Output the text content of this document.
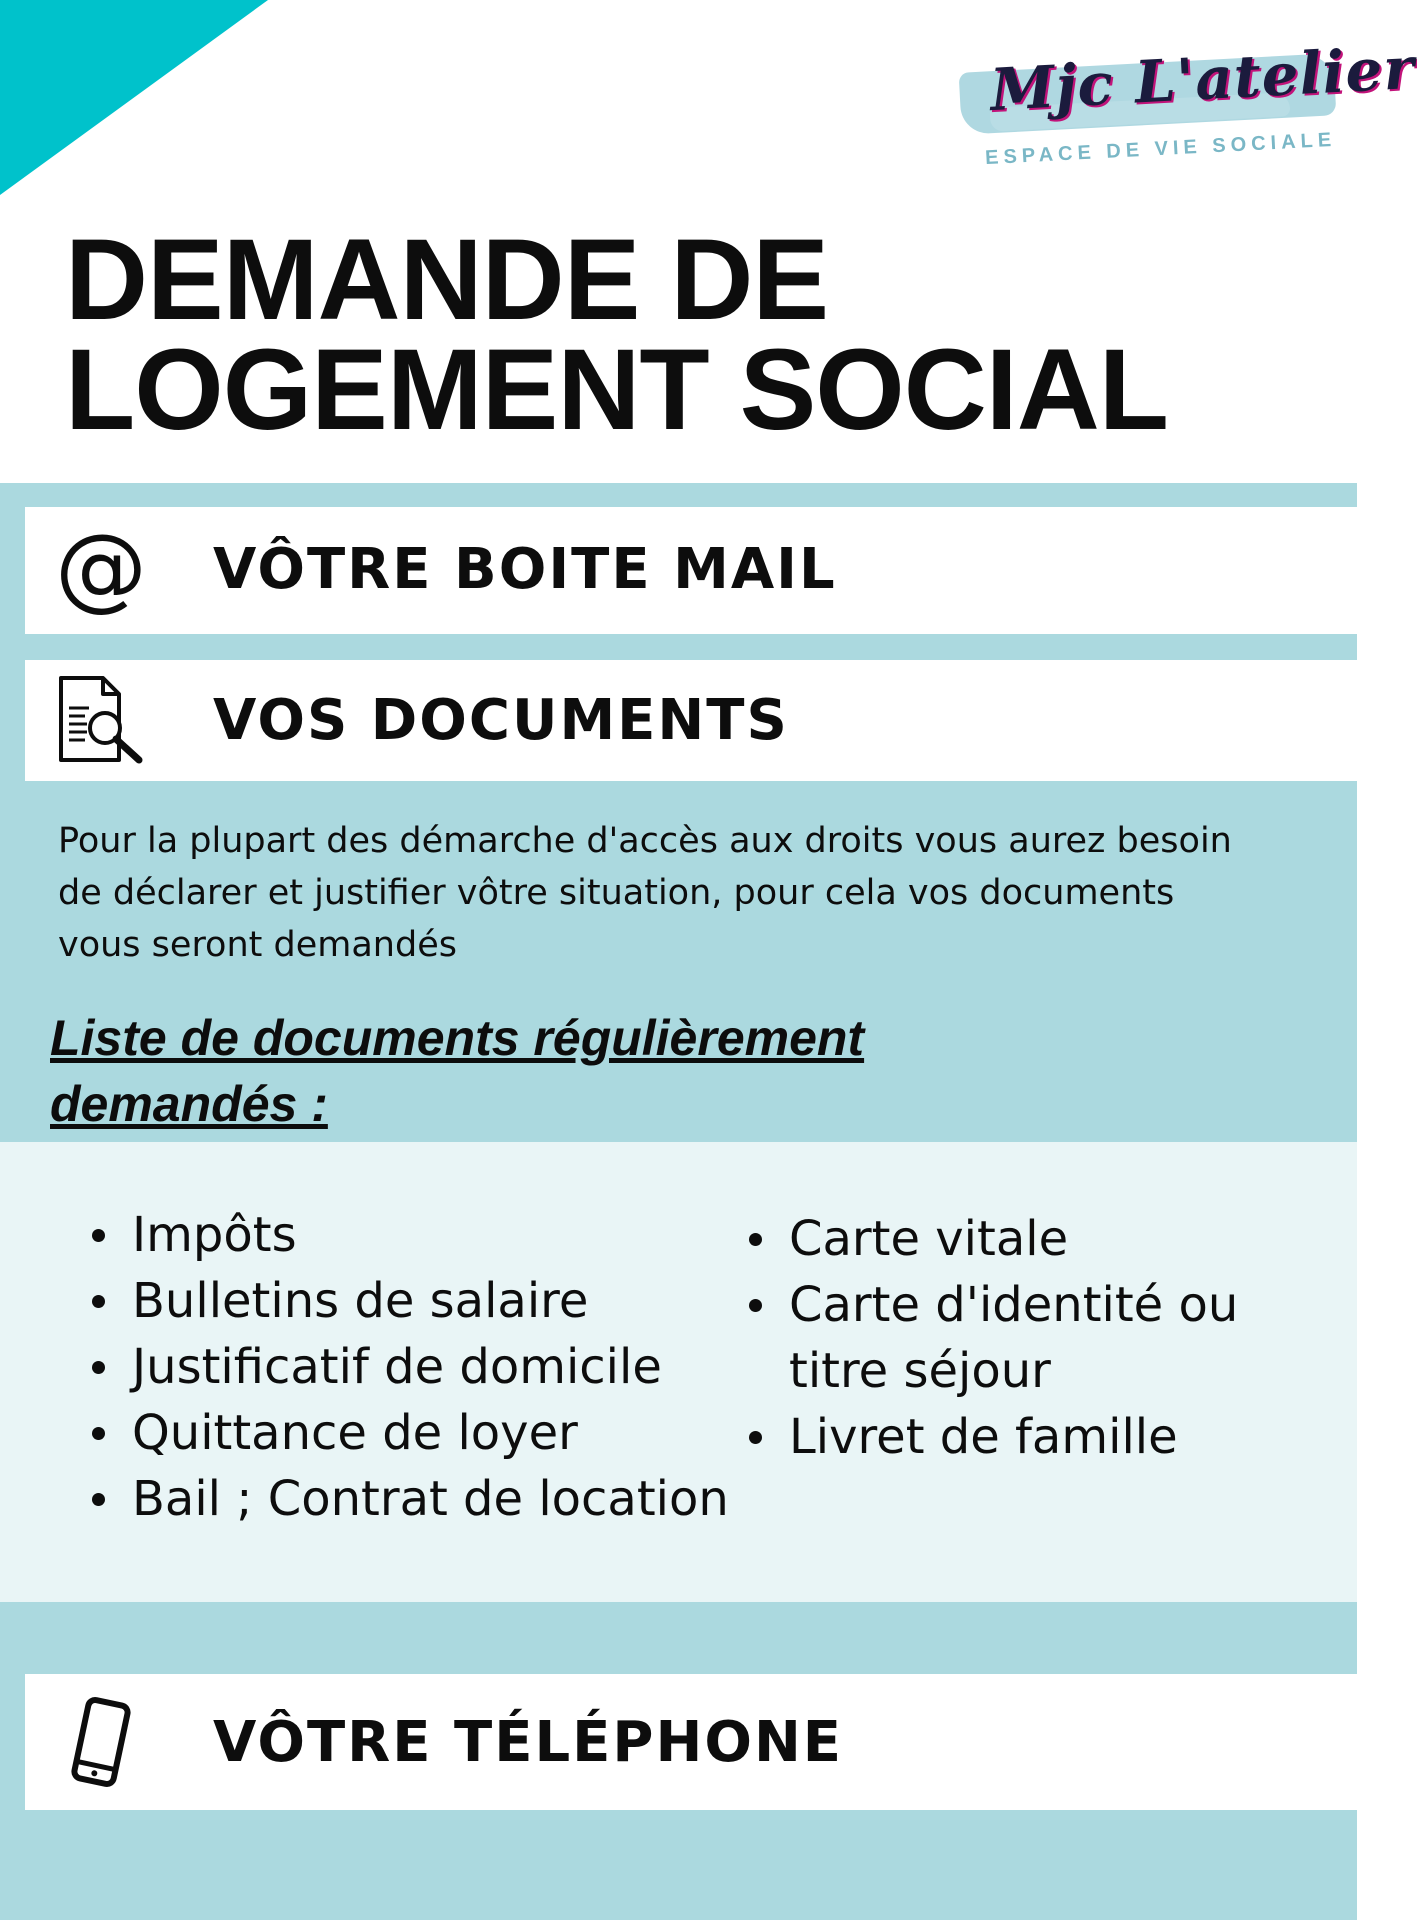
Mjc L'atelier
ESPACE DE VIE SOCIALE
DEMANDE DE
LOGEMENT SOCIAL
@ VÔTRE BOITE MAIL
VOS DOCUMENTS

Pour la plupart des démarche d'accès aux droits vous aurez besoin de déclarer et justifier vôtre situation, pour cela vos documents vous seront demandés

Liste de documents régulièrement demandés :

Impôts
Bulletins de salaire
Justificatif de domicile
Quittance de loyer
Bail ; Contrat de location
Carte vitale
Carte d'identité ou titre séjour
Livret de famille
VÔTRE TÉLÉPHONE
